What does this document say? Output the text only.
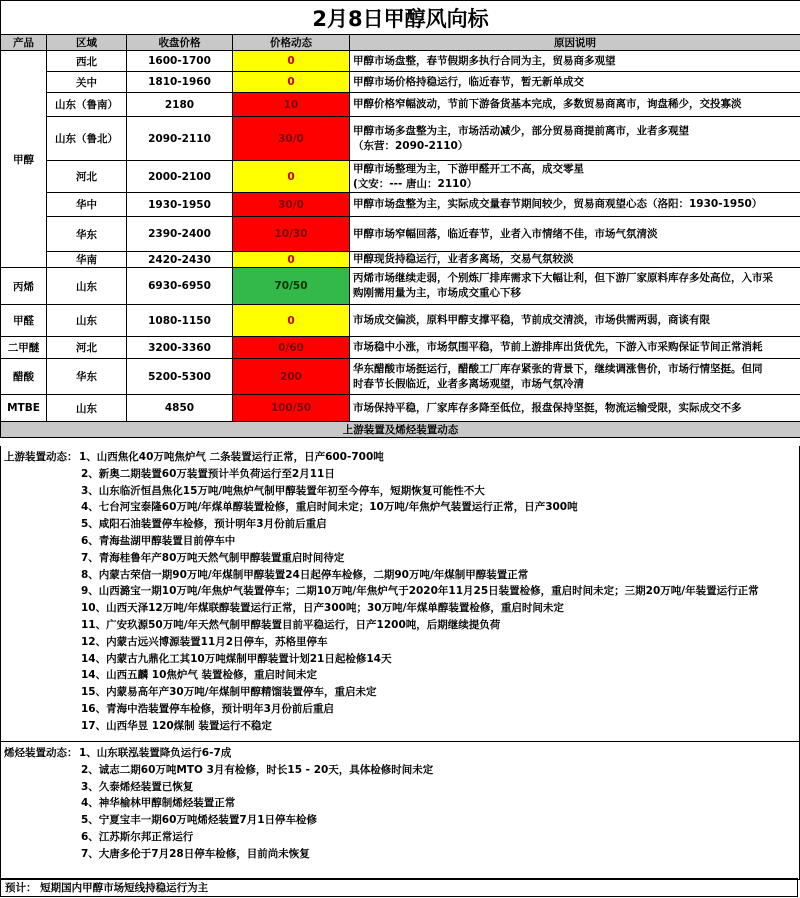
2月8日甲醇风向标				
产品	区域	收盘价格	价格动态	原因说明
甲醇	西北	1600-1700	0	甲醇市场盘整，春节假期多执行合同为主，贸易商多观望

	关中	1810-1960	0	甲醇市场价格持稳运行，临近春节，暂无新单成交

	山东（鲁南）	2180	10	甲醇价格窄幅波动，节前下游备货基本完成，多数贸易商离市，询盘稀少，交投寡淡

	山东（鲁北）	2090-2110	30/0	甲醇市场多盘整为主，市场活动减少，部分贸易商提前离市，业者多观望
（东营：2090-2110）

	河北	2000-2100	0	甲醇市场整理为主，下游甲醛开工不高，成交零星
(文安：--- 唐山：2110）

	华中	1930-1950	30/0	甲醇市场盘整为主，实际成交量春节期间较少，贸易商观望心态（洛阳：1930-1950）

	华东	2390-2400	10/30	甲醇市场窄幅回落，临近春节，业者入市情绪不佳，市场气氛清淡

	华南	2420-2430	0	甲醇现货持稳运行，业者多离场，交易气氛较淡

丙烯	山东	6930-6950	70/50	丙烯市场继续走弱，个别炼厂排库需求下大幅让利，但下游厂家原料库存多处高位，入市采
购刚需用量为主，市场成交重心下移

甲醛	山东	1080-1150	0	市场成交偏淡，原料甲醇支撑平稳，节前成交清淡，市场供需两弱，商谈有限

二甲醚	河北	3200-3360	0/60	市场稳中小涨，市场氛围平稳，节前上游排库出货优先，下游入市采购保证节间正常消耗

醋酸	华东	5200-5300	200	华东醋酸市场挺运行，醋酸工厂库存紧张的背景下，继续调涨售价，市场行情坚挺。但同
时春节长假临近，业者多离场观望，市场气氛冷清

MTBE	山东	4850	100/50	市场保持平稳，厂家库存多降至低位，报盘保持坚挺，物流运输受限，实际成交不多

上游装置及烯烃装置动态				
上游装置动态： 1、山西焦化40万吨焦炉气 二条装置运行正常，日产600-700吨
2、新奥二期装置60万装置预计半负荷运行至2月11日
3、山东临沂恒昌焦化15万吨/吨焦炉气制甲醇装置年初至今停车，短期恢复可能性不大
4、七台河宝泰隆60万吨/年煤单醇装置检修，重启时间未定；10万吨/年焦炉气装置运行正常，日产300吨
5、咸阳石油装置停车检修，预计明年3月份前后重启
6、青海盐湖甲醇装置目前停车中
7、青海桂鲁年产80万吨天然气制甲醇装置重启时间待定
8、内蒙古荣信一期90万吨/年煤制甲醇装置24日起停车检修，二期90万吨/年煤制甲醇装置正常
9、山西潞宝一期10万吨/年焦炉气装置停车；二期10万吨/年焦炉气于2020年11月25日装置检修，重启时间未定；三期20万吨/年装置运行正常
10、山西天泽12万吨/年煤联醇装置运行正常，日产300吨；30万吨/年煤单醇装置检修，重启时间未定
11、广安玖源50万吨/年天然气制甲醇装置目前平稳运行，日产1200吨，后期继续提负荷
12、内蒙古远兴博源装置11月2日停车，苏格里停车
14、内蒙古九鼎化工其10万吨煤制甲醇装置计划21日起检修14天
14、山西五麟 10焦炉气 装置检修，重启时间未定
15、内蒙易高年产30万吨/年煤制甲醇精馏装置停车，重启未定
16、青海中浩装置停车检修，预计明年3月份前后重启
17、山西华昱 120煤制 装置运行不稳定
烯烃装置动态： 1、山东联泓装置降负运行6-7成
2、诚志二期60万吨MTO 3月有检修，时长15 - 20天，具体检修时间未定
3、久泰烯烃装置已恢复
4、神华榆林甲醇制烯烃装置正常
5、宁夏宝丰一期60万吨烯烃装置7月1日停车检修
6、江苏斯尔邦正常运行
7、大唐多伦于7月28日停车检修，目前尚未恢复
预计： 短期国内甲醇市场短线持稳运行为主
